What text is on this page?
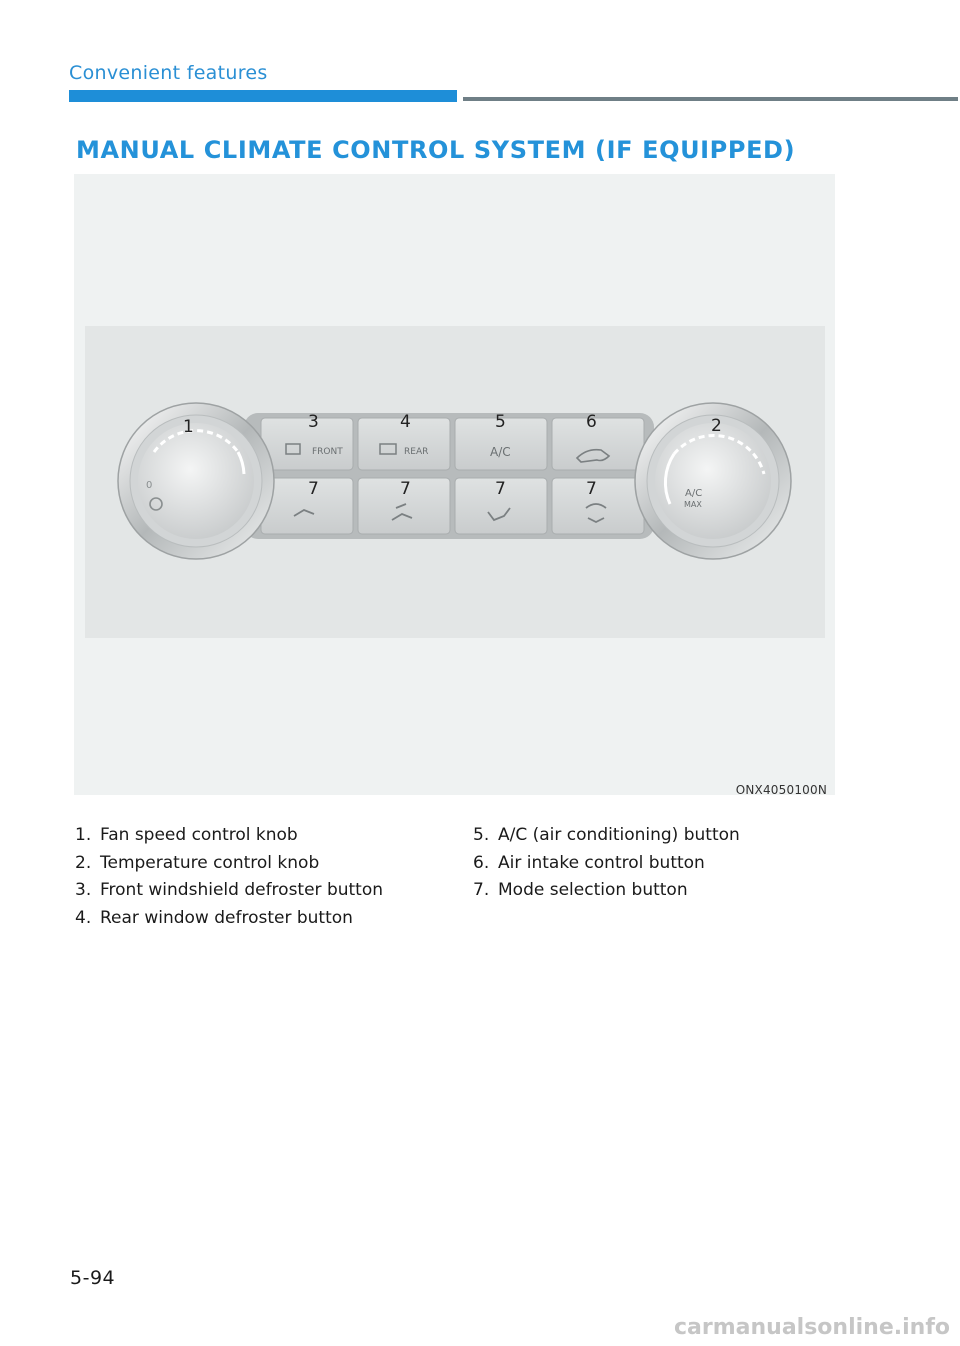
Convenient features
MANUAL CLIMATE CONTROL SYSTEM (IF EQUIPPED)
FRONT	REAR	A/C
0
A/C
MAX
1	2
3	4	5	6
7	7	7	7
ONX4050100N
1. Fan speed control knob
2. Temperature control knob
3. Front windshield defroster button
4. Rear window defroster button
5. A/C (air conditioning) button
6. Air intake control button
7. Mode selection button
5-94
carmanualsonline.info
